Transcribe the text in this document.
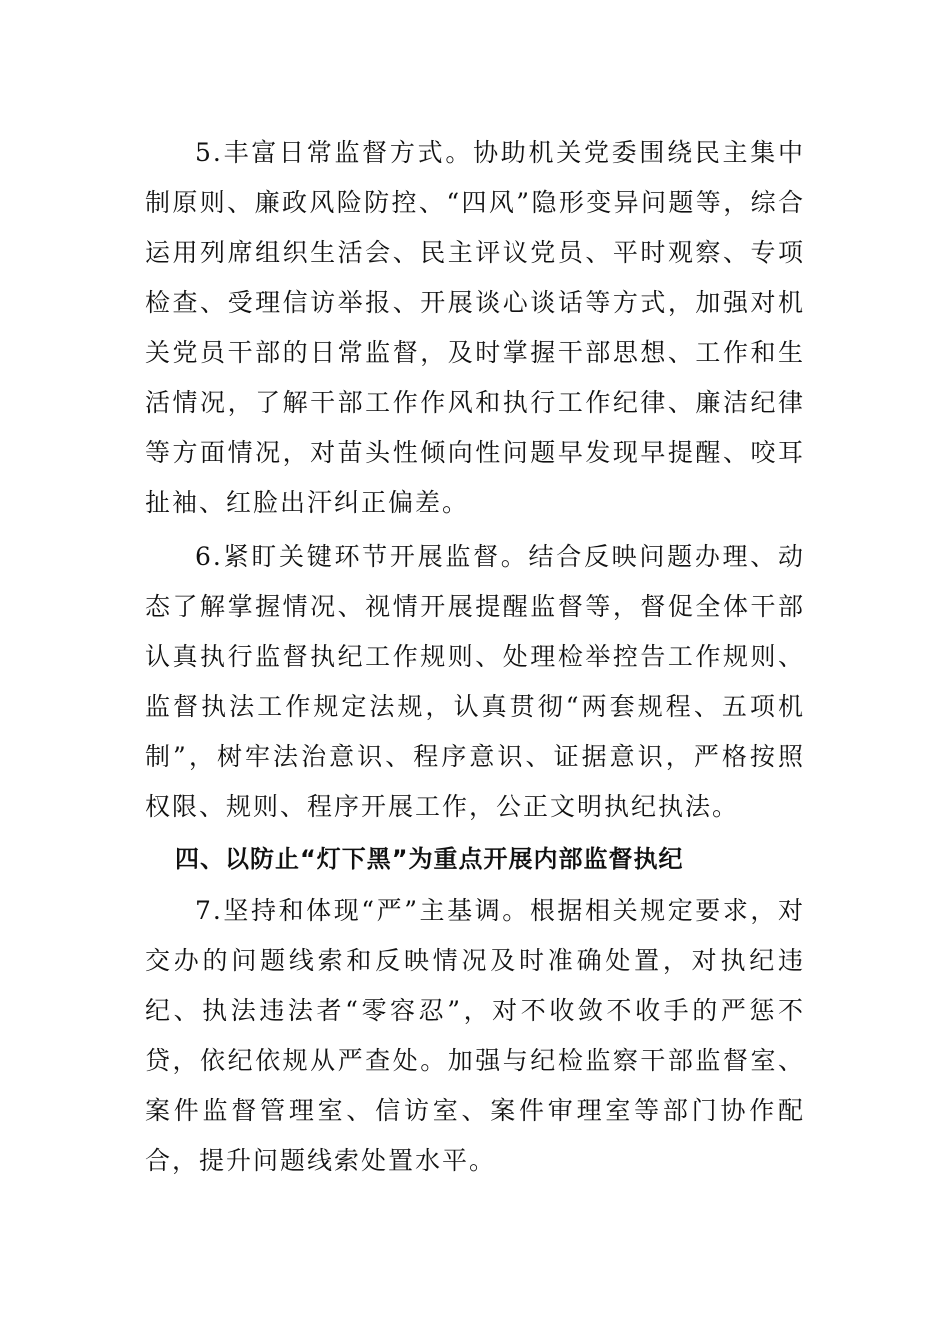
5.丰富日常监督方式。协助机关党委围绕民主集中制原则、廉政风险防控、“四风”隐形变异问题等，综合运用列席组织生活会、民主评议党员、平时观察、专项检查、受理信访举报、开展谈心谈话等方式，加强对机关党员干部的日常监督，及时掌握干部思想、工作和生活情况，了解干部工作作风和执行工作纪律、廉洁纪律等方面情况，对苗头性倾向性问题早发现早提醒、咬耳扯袖、红脸出汗纠正偏差。

6.紧盯关键环节开展监督。结合反映问题办理、动态了解掌握情况、视情开展提醒监督等，督促全体干部认真执行监督执纪工作规则、处理检举控告工作规则、监督执法工作规定法规，认真贯彻“两套规程、五项机制”，树牢法治意识、程序意识、证据意识，严格按照权限、规则、程序开展工作，公正文明执纪执法。

四、以防止“灯下黑”为重点开展内部监督执纪

7.坚持和体现“严”主基调。根据相关规定要求，对交办的问题线索和反映情况及时准确处置，对执纪违纪、执法违法者“零容忍”，对不收敛不收手的严惩不贷，依纪依规从严查处。加强与纪检监察干部监督室、案件监督管理室、信访室、案件审理室等部门协作配合，提升问题线索处置水平。
